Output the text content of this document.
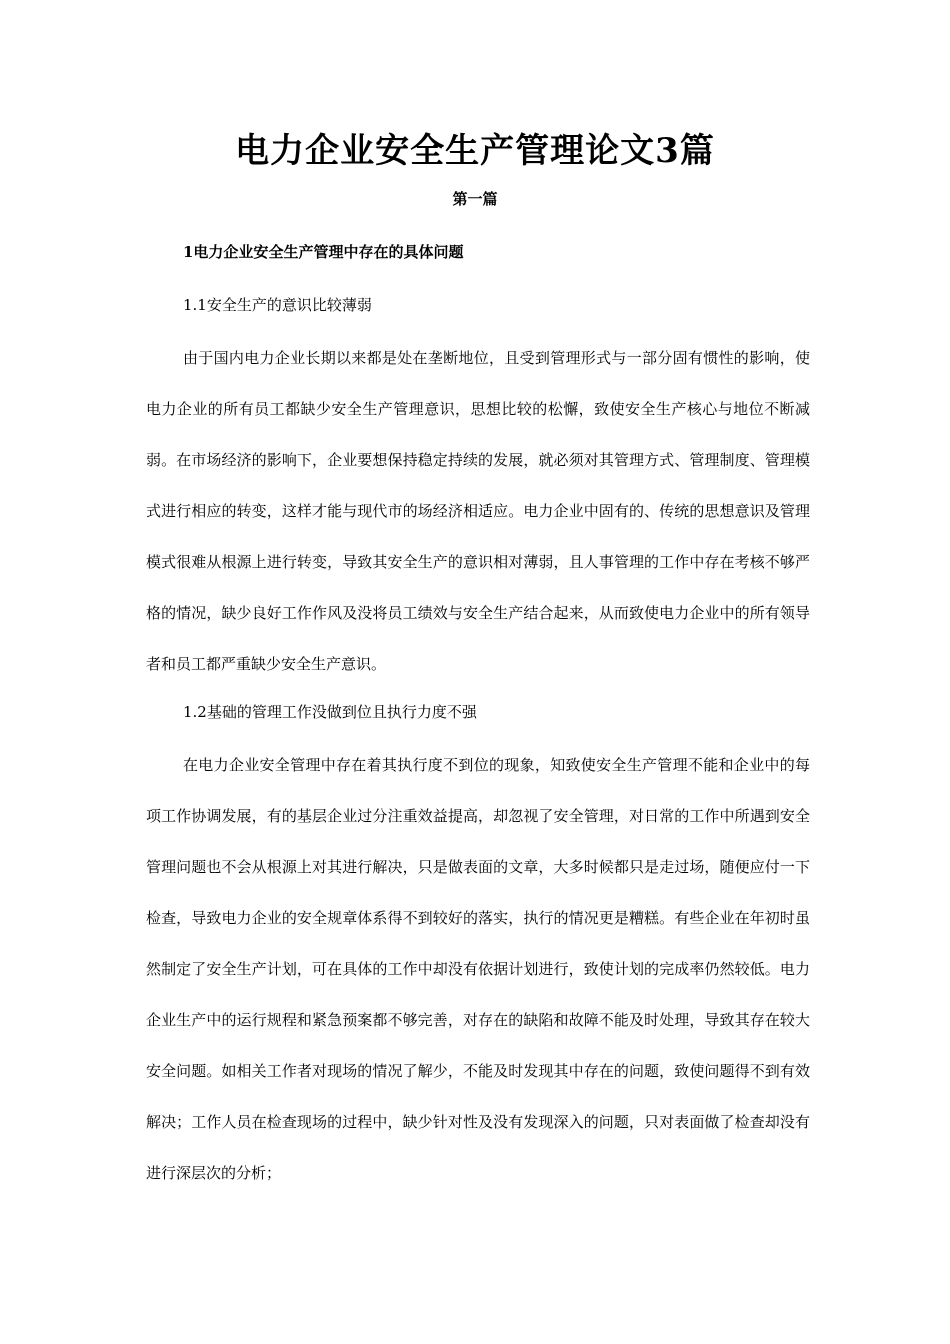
电力企业安全生产管理论文3篇
第一篇
1电力企业安全生产管理中存在的具体问题
1.1安全生产的意识比较薄弱

由于国内电力企业长期以来都是处在垄断地位，且受到管理形式与一部分固有惯性的影响，使电力企业的所有员工都缺少安全生产管理意识，思想比较的松懈，致使安全生产核心与地位不断减弱。在市场经济的影响下，企业要想保持稳定持续的发展，就必须对其管理方式、管理制度、管理模式进行相应的转变，这样才能与现代市的场经济相适应。电力企业中固有的、传统的思想意识及管理模式很难从根源上进行转变，导致其安全生产的意识相对薄弱，且人事管理的工作中存在考核不够严格的情况，缺少良好工作作风及没将员工绩效与安全生产结合起来，从而致使电力企业中的所有领导者和员工都严重缺少安全生产意识。

1.2基础的管理工作没做到位且执行力度不强

在电力企业安全管理中存在着其执行度不到位的现象，知致使安全生产管理不能和企业中的每项工作协调发展，有的基层企业过分注重效益提高，却忽视了安全管理，对日常的工作中所遇到安全管理问题也不会从根源上对其进行解决，只是做表面的文章，大多时候都只是走过场，随便应付一下检查，导致电力企业的安全规章体系得不到较好的落实，执行的情况更是糟糕。有些企业在年初时虽然制定了安全生产计划，可在具体的工作中却没有依据计划进行，致使计划的完成率仍然较低。电力企业生产中的运行规程和紧急预案都不够完善，对存在的缺陷和故障不能及时处理，导致其存在较大安全问题。如相关工作者对现场的情况了解少，不能及时发现其中存在的问题，致使问题得不到有效解决；工作人员在检查现场的过程中，缺少针对性及没有发现深入的问题，只对表面做了检查却没有进行深层次的分析；
